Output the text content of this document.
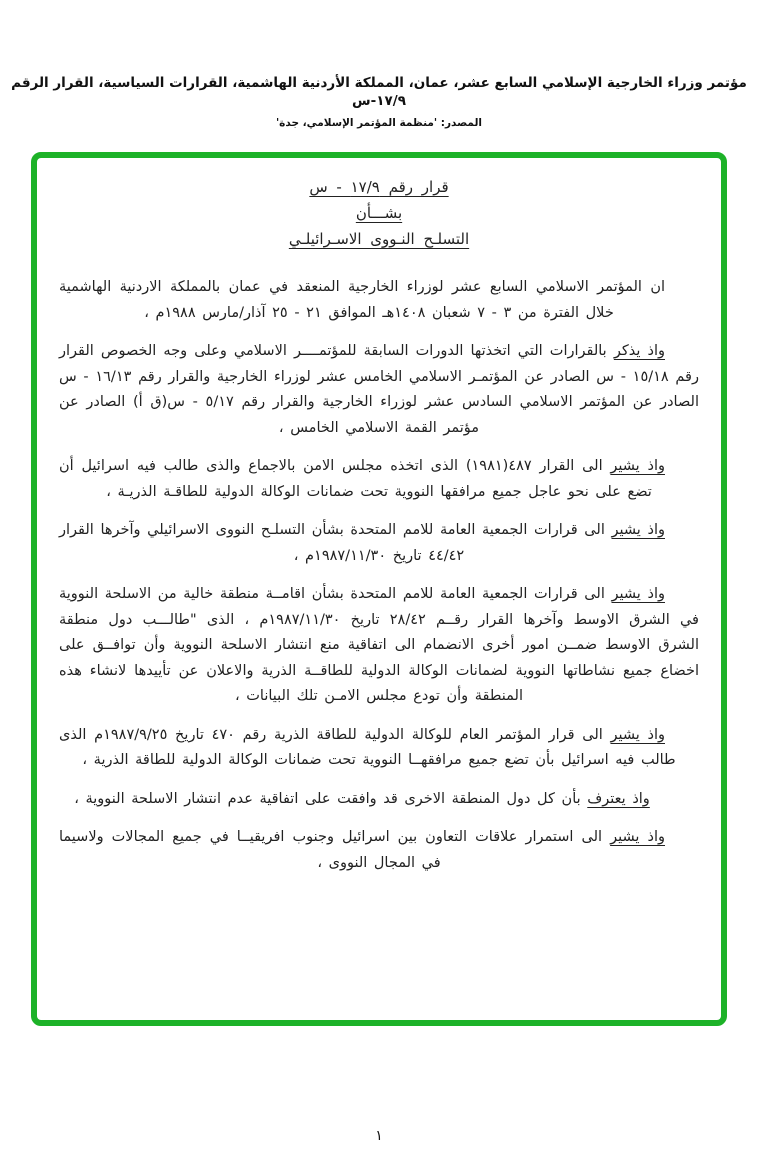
مؤتمر وزراء الخارجية الإسلامي السابع عشر، عمان، المملكة الأردنية الهاشمية، القرارات السياسية، القرار الرقم ١٧/٩-س
المصدر: 'منظمة المؤتمر الإسلامي، جدة'
قرار رقم ١٧/٩ - س
بشـــأن
التسلـح النـووى الاسـرائيلـي

ان المؤتمر الاسلامي السابع عشر لوزراء الخارجية المنعقد في عمان بالمملكة الاردنية الهاشمية خلال الفترة من ٣ - ٧ شعبان ١٤٠٨هـ الموافق ٢١ - ٢٥ آذار/مارس ١٩٨٨م ،

واذ يذكر بالقرارات التي اتخذتها الدورات السابقة للمؤتمــــر الاسلامي وعلى وجه الخصوص القرار رقم ١٥/١٨ - س الصادر عن المؤتمـر الاسلامي الخامس عشر لوزراء الخارجية والقرار رقم ١٦/١٣ - س الصادر عن المؤتمر الاسلامي السادس عشر لوزراء الخارجية والقرار رقم ٥/١٧ - س(ق أ) الصادر عن مؤتمر القمة الاسلامي الخامس ،

واذ يشير الى القرار ٤٨٧(١٩٨١) الذى اتخذه مجلس الامن بالاجماع والذى طالب فيه اسرائيل أن تضع على نحو عاجل جميع مرافقها النووية تحت ضمانات الوكالة الدولية للطاقـة الذريـة ،

واذ يشير الى قرارات الجمعية العامة للامم المتحدة بشأن التسلـح النووى الاسرائيلي وآخرها القرار ٤٤/٤٢ تاريخ ١٩٨٧/١١/٣٠م ،

واذ يشير الى قرارات الجمعية العامة للامم المتحدة بشأن اقامــة منطقة خالية من الاسلحة النووية في الشرق الاوسط وآخرها القرار رقــم ٢٨/٤٢ تاريخ ١٩٨٧/١١/٣٠م ، الذى "طالـــب دول منطقة الشرق الاوسط ضمــن امور أخرى الانضمام الى اتفاقية منع انتشار الاسلحة النووية وأن توافــق على اخضاع جميع نشاطاتها النووية لضمانات الوكالة الدولية للطاقــة الذرية والاعلان عن تأييدها لانشاء هذه المنطقة وأن تودع مجلس الامـن تلك البيانات ،

واذ يشير الى قرار المؤتمر العام للوكالة الدولية للطاقة الذرية رقم ٤٧٠ تاريخ ١٩٨٧/٩/٢٥م الذى طالب فيه اسرائيل بأن تضع جميع مرافقهــا النووية تحت ضمانات الوكالة الدولية للطاقة الذرية ،

واذ يعترف بأن كل دول المنطقة الاخرى قد وافقت على اتفاقية عدم انتشار الاسلحة النووية ،

واذ يشير الى استمرار علاقات التعاون بين اسرائيل وجنوب افريقيــا في جميع المجالات ولاسيما في المجال النووى ،

١
